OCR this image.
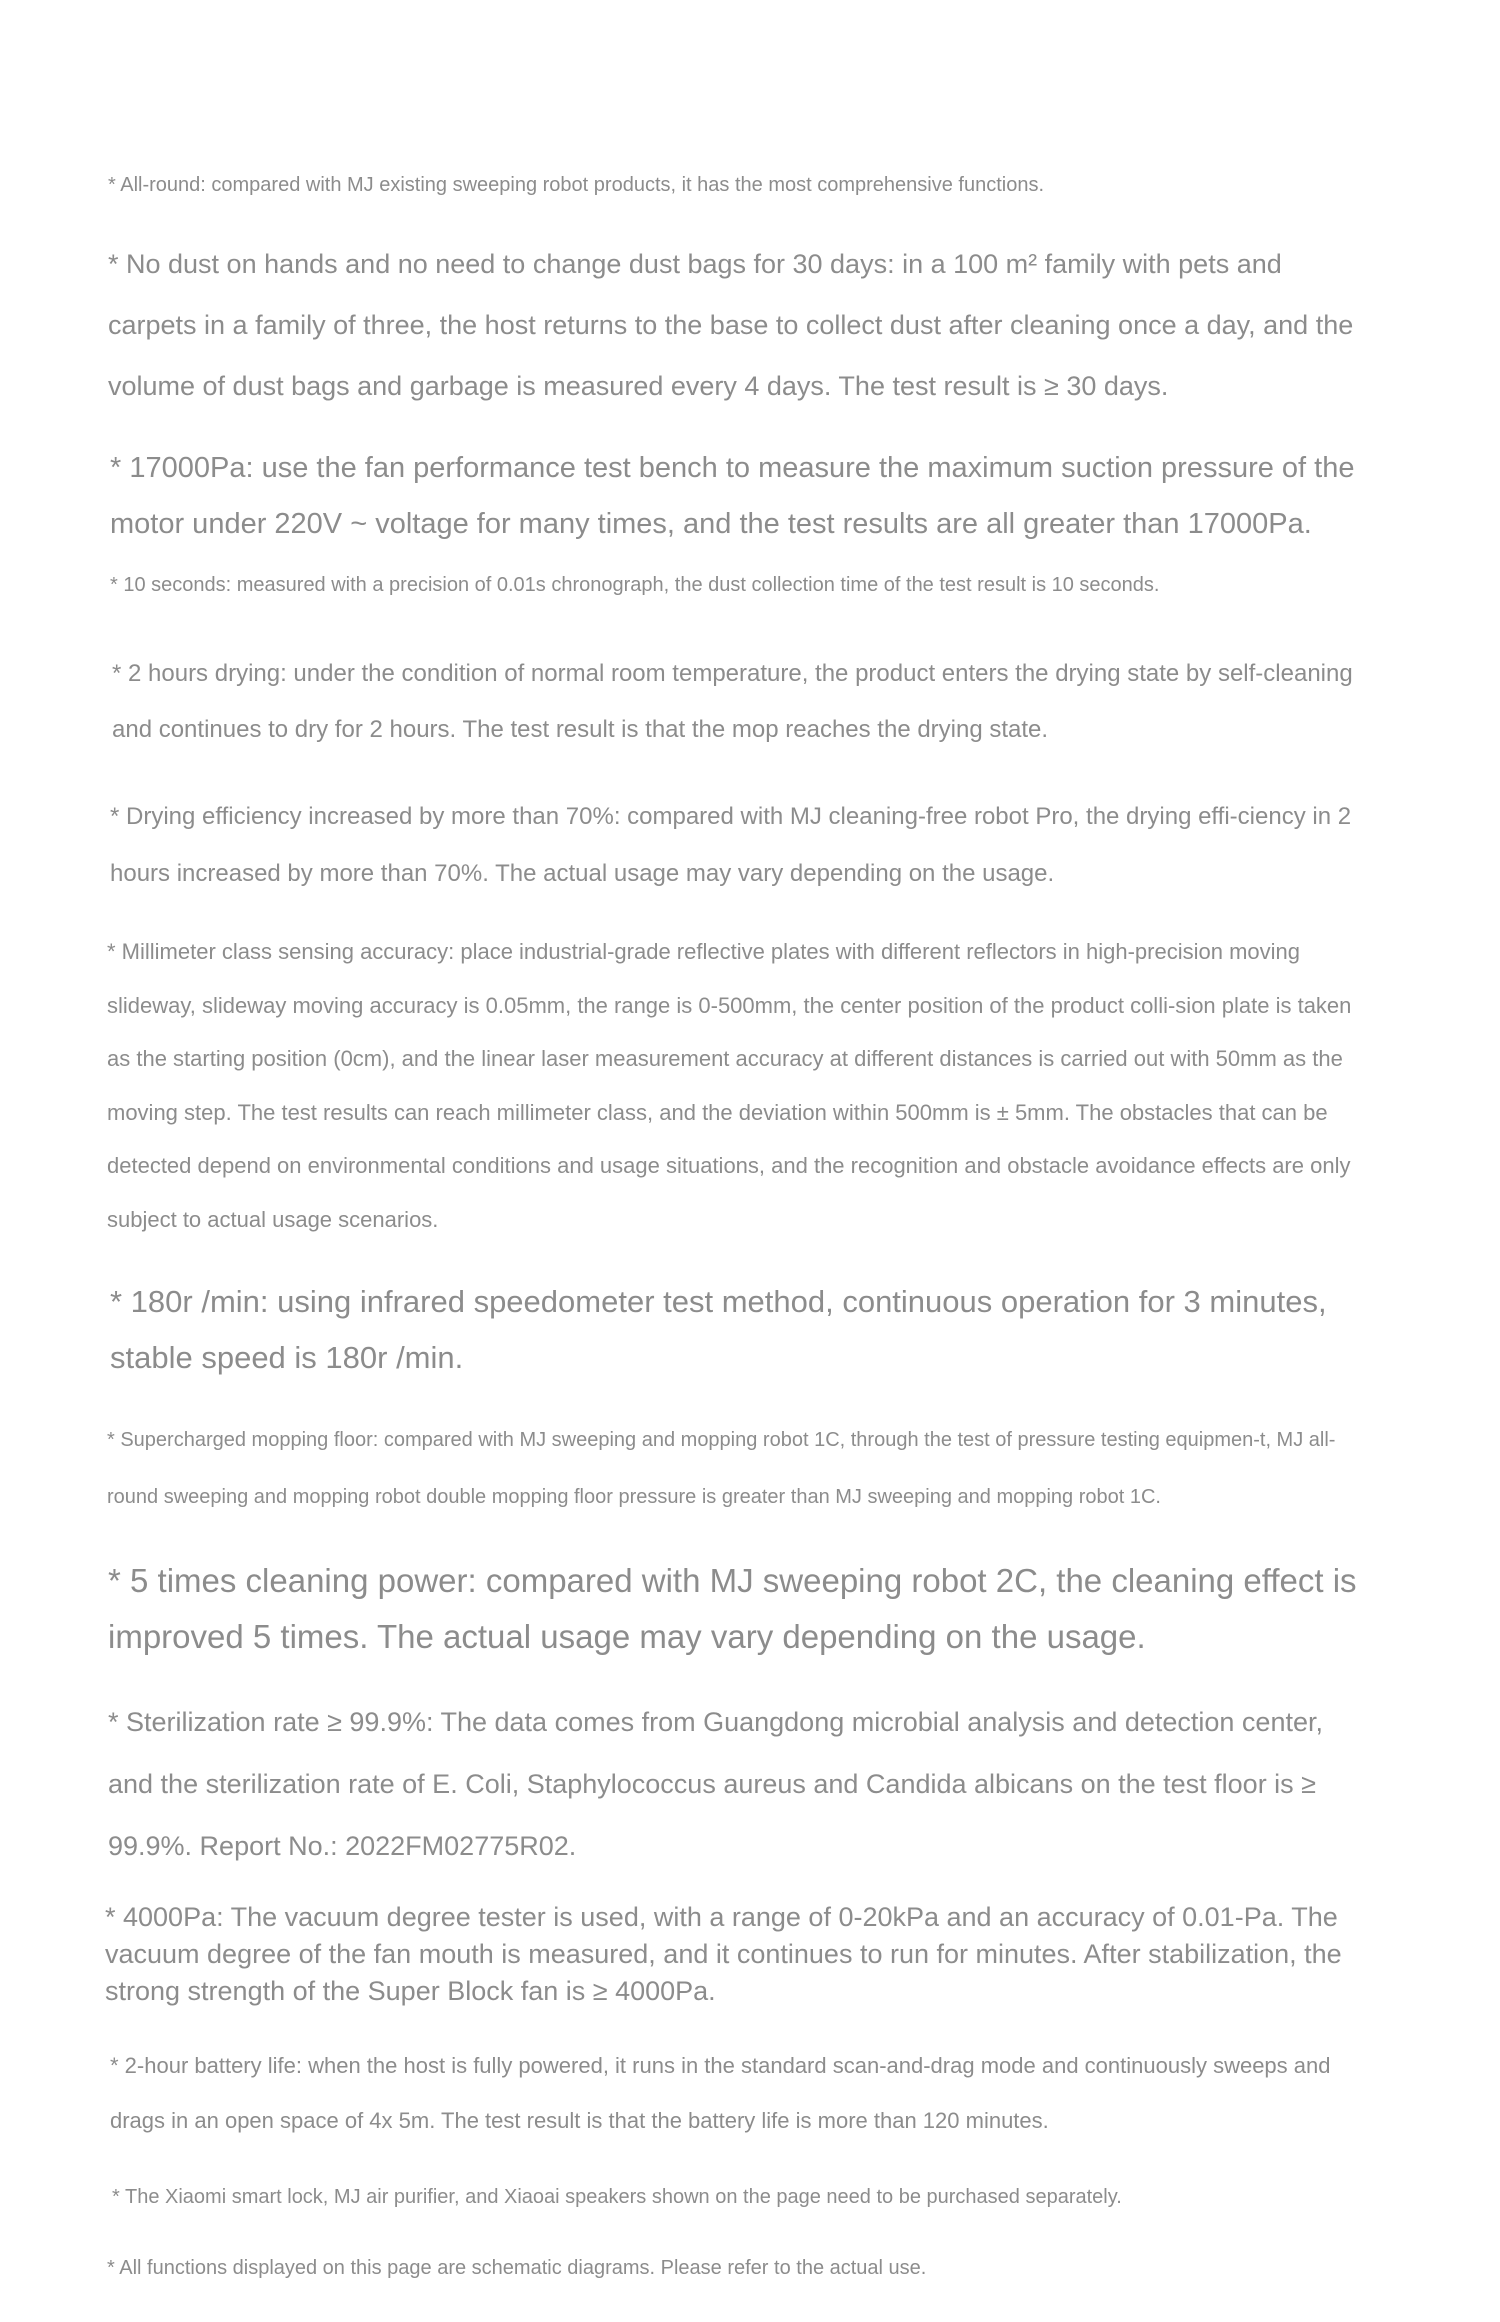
* All-round: compared with MJ existing sweeping robot products, it has the most comprehensive functions.

* No dust on hands and no need to change dust bags for 30 days: in a 100 m² family with pets and carpets in a family of three, the host returns to the base to collect dust after cleaning once a day, and the volume of dust bags and garbage is measured every 4 days. The test result is ≥ 30 days.

* 17000Pa: use the fan performance test bench to measure the maximum suction pressure of the motor under 220V ~ voltage for many times, and the test results are all greater than 17000Pa.

* 10 seconds: measured with a precision of 0.01s chronograph, the dust collection time of the test result is 10 seconds.

* 2 hours drying: under the condition of normal room temperature, the product enters the drying state by self-cleaning and continues to dry for 2 hours. The test result is that the mop reaches the drying state.

* Drying efficiency increased by more than 70%: compared with MJ cleaning-free robot Pro, the drying effi-ciency in 2 hours increased by more than 70%. The actual usage may vary depending on the usage.

* Millimeter class sensing accuracy: place industrial-grade reflective plates with different reflectors in high-precision moving slideway, slideway moving accuracy is 0.05mm, the range is 0-500mm, the center position of the product colli-sion plate is taken as the starting position (0cm), and the linear laser measurement accuracy at different distances is carried out with 50mm as the moving step. The test results can reach millimeter class, and the deviation within 500mm is ± 5mm. The obstacles that can be detected depend on environmental conditions and usage situations, and the recognition and obstacle avoidance effects are only subject to actual usage scenarios.

* 180r /min: using infrared speedometer test method, continuous operation for 3 minutes, stable speed is 180r /min.

* Supercharged mopping floor: compared with MJ sweeping and mopping robot 1C, through the test of pressure testing equipmen-t, MJ all-round sweeping and mopping robot double mopping floor pressure is greater than MJ sweeping and mopping robot 1C.

* 5 times cleaning power: compared with MJ sweeping robot 2C, the cleaning effect is improved 5 times. The actual usage may vary depending on the usage.

* Sterilization rate ≥ 99.9%: The data comes from Guangdong microbial analysis and detection center, and the sterilization rate of E. Coli, Staphylococcus aureus and Candida albicans on the test floor is ≥ 99.9%. Report No.: 2022FM02775R02.

* 4000Pa: The vacuum degree tester is used, with a range of 0-20kPa and an accuracy of 0.01-Pa. The vacuum degree of the fan mouth is measured, and it continues to run for minutes. After stabilization, the strong strength of the Super Block fan is ≥ 4000Pa.

* 2-hour battery life: when the host is fully powered, it runs in the standard scan-and-drag mode and continuously sweeps and drags in an open space of 4x 5m. The test result is that the battery life is more than 120 minutes.

* The Xiaomi smart lock, MJ air purifier, and Xiaoai speakers shown on the page need to be purchased separately.

* All functions displayed on this page are schematic diagrams. Please refer to the actual use.
